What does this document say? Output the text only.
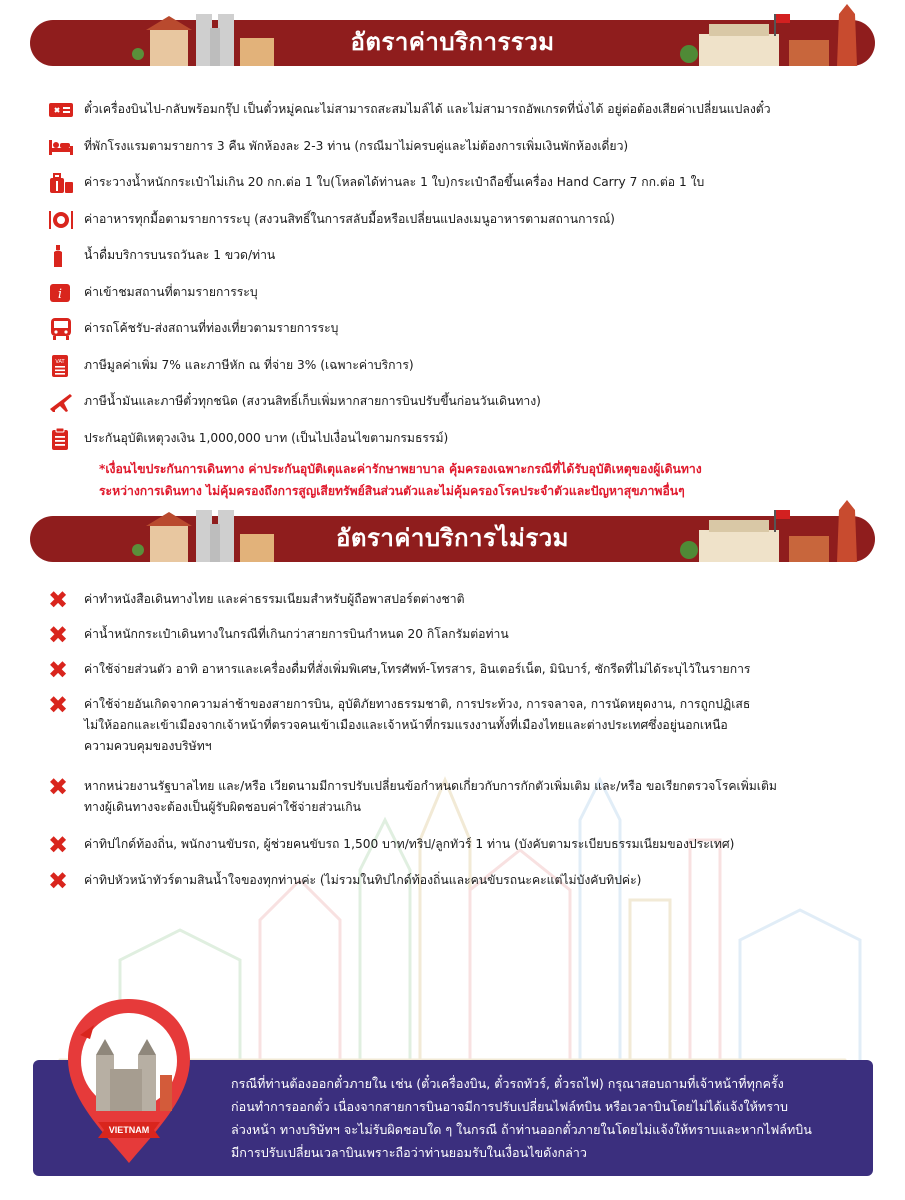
อัตราค่าบริการรวม
ตั๋วเครื่องบินไป-กลับพร้อมกรุ๊ป เป็นตั๋วหมู่คณะไม่สามารถสะสมไมล์ได้ และไม่สามารถอัพเกรดที่นั่งได้ อยู่ต่อต้องเสียค่าเปลี่ยนแปลงตั๋ว
ที่พักโรงแรมตามรายการ 3 คืน พักห้องละ 2-3 ท่าน (กรณีมาไม่ครบคู่และไม่ต้องการเพิ่มเงินพักห้องเดี่ยว)
ค่าระวางน้ำหนักกระเป๋าไม่เกิน 20 กก.ต่อ 1 ใบ(โหลดได้ท่านละ 1 ใบ)กระเป๋าถือขึ้นเครื่อง Hand Carry 7 กก.ต่อ 1 ใบ
ค่าอาหารทุกมื้อตามรายการระบุ (สงวนสิทธิ์ในการสลับมื้อหรือเปลี่ยนแปลงเมนูอาหารตามสถานการณ์)
น้ำดื่มบริการบนรถวันละ 1 ขวด/ท่าน
i ค่าเข้าชมสถานที่ตามรายการระบุ
ค่ารถโค้ชรับ-ส่งสถานที่ท่องเที่ยวตามรายการระบุ
VAT ภาษีมูลค่าเพิ่ม 7% และภาษีหัก ณ ที่จ่าย 3% (เฉพาะค่าบริการ)
ภาษีน้ำมันและภาษีตั๋วทุกชนิด (สงวนสิทธิ์เก็บเพิ่มหากสายการบินปรับขึ้นก่อนวันเดินทาง)
ประกันอุบัติเหตุวงเงิน 1,000,000 บาท (เป็นไปเงื่อนไขตามกรมธรรม์)
*เงื่อนไขประกันการเดินทาง ค่าประกันอุบัติเตุและค่ารักษาพยาบาล คุ้มครองเฉพาะกรณีที่ได้รับอุบัติเหตุของผู้เดินทาง
ระหว่างการเดินทาง ไม่คุ้มครองถึงการสูญเสียทรัพย์สินส่วนตัวและไม่คุ้มครองโรคประจำตัวและปัญหาสุขภาพอื่นๆ
อัตราค่าบริการไม่รวม
✖ ค่าทำหนังสือเดินทางไทย และค่าธรรมเนียมสำหรับผู้ถือพาสปอร์ตต่างชาติ
✖ ค่าน้ำหนักกระเป๋าเดินทางในกรณีที่เกินกว่าสายการบินกำหนด 20 กิโลกรัมต่อท่าน
✖ ค่าใช้จ่ายส่วนตัว อาทิ อาหารและเครื่องดื่มที่สั่งเพิ่มพิเศษ,โทรศัพท์-โทรสาร, อินเตอร์เน็ต, มินิบาร์, ซักรีดที่ไม่ได้ระบุไว้ในรายการ
✖ ค่าใช้จ่ายอันเกิดจากความล่าช้าของสายการบิน, อุบัติภัยทางธรรมชาติ, การประท้วง, การจลาจล, การนัดหยุดงาน, การถูกปฏิเสธ
ไม่ให้ออกและเข้าเมืองจากเจ้าหน้าที่ตรวจคนเข้าเมืองและเจ้าหน้าที่กรมแรงงานทั้งที่เมืองไทยและต่างประเทศซึ่งอยู่นอกเหนือ
ความควบคุมของบริษัทฯ
✖ หากหน่วยงานรัฐบาลไทย และ/หรือ เวียดนามมีการปรับเปลี่ยนข้อกำหนดเกี่ยวกับการกักตัวเพิ่มเติม และ/หรือ ขอเรียกตรวจโรคเพิ่มเติม
ทางผู้เดินทางจะต้องเป็นผู้รับผิดชอบค่าใช้จ่ายส่วนเกิน
✖ ค่าทิปไกด์ท้องถิ่น, พนักงานขับรถ, ผู้ช่วยคนขับรถ 1,500 บาท/ทริป/ลูกทัวร์ 1 ท่าน (บังคับตามระเบียบธรรมเนียมของประเทศ)
✖ ค่าทิปหัวหน้าทัวร์ตามสินน้ำใจของทุกท่านค่ะ (ไม่รวมในทิปไกด์ท้องถิ่นและคนขับรถนะคะแต่ไม่บังคับทิปค่ะ)
กรณีที่ท่านต้องออกตั๋วภายใน เช่น (ตั๋วเครื่องบิน, ตั๋วรถทัวร์, ตั๋วรถไฟ) กรุณาสอบถามที่เจ้าหน้าที่ทุกครั้ง
ก่อนทำการออกตั๋ว เนื่องจากสายการบินอาจมีการปรับเปลี่ยนไฟล์ทบิน หรือเวลาบินโดยไม่ได้แจ้งให้ทราบ
ล่วงหน้า ทางบริษัทฯ จะไม่รับผิดชอบใด ๆ ในกรณี ถ้าท่านออกตั๋วภายในโดยไม่แจ้งให้ทราบและหากไฟล์ทบิน
มีการปรับเปลี่ยนเวลาบินเพราะถือว่าท่านยอมรับในเงื่อนไขดังกล่าว
VIETNAM
